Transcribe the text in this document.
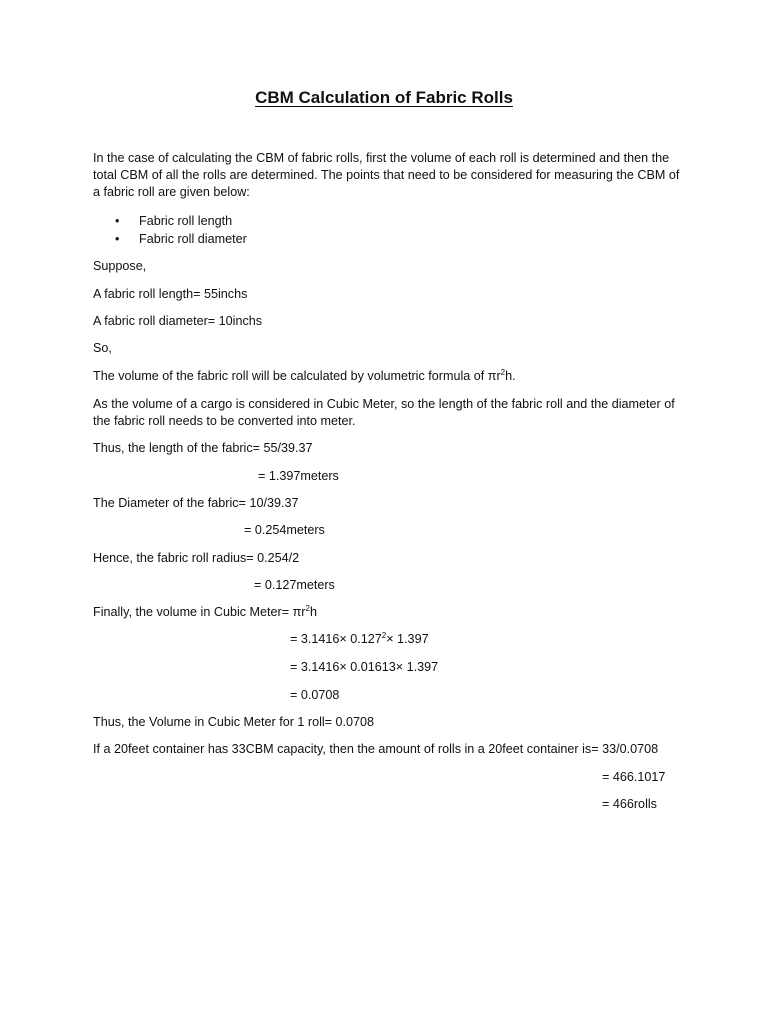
CBM Calculation of Fabric Rolls

In the case of calculating the CBM of fabric rolls, first the volume of each roll is determined and then the total CBM of all the rolls are determined. The points that need to be considered for measuring the CBM of a fabric roll are given below:

• Fabric roll length
• Fabric roll diameter
Suppose,
A fabric roll length= 55inchs
A fabric roll diameter= 10inchs
So,
The volume of the fabric roll will be calculated by volumetric formula of $\pi r^2h$.
As the volume of a cargo is considered in Cubic Meter, so the length of the fabric roll and the diameter of the fabric roll needs to be converted into meter.
Thus, the length of the fabric= 55/39.37
= 1.397meters
The Diameter of the fabric= 10/39.37
= 0.254meters
Hence, the fabric roll radius= 0.254/2
= 0.127meters
Finally, the volume in Cubic Meter= $\pi r^2h$
= $3.1416\times 0.127^2\times 1.397$
= 3.1416× 0.01613× 1.397
= 0.0708
Thus, the Volume in Cubic Meter for 1 roll= 0.0708
If a 20feet container has 33CBM capacity, then the amount of rolls in a 20feet container is= 33/0.0708
= 466.1017
= 466rolls
